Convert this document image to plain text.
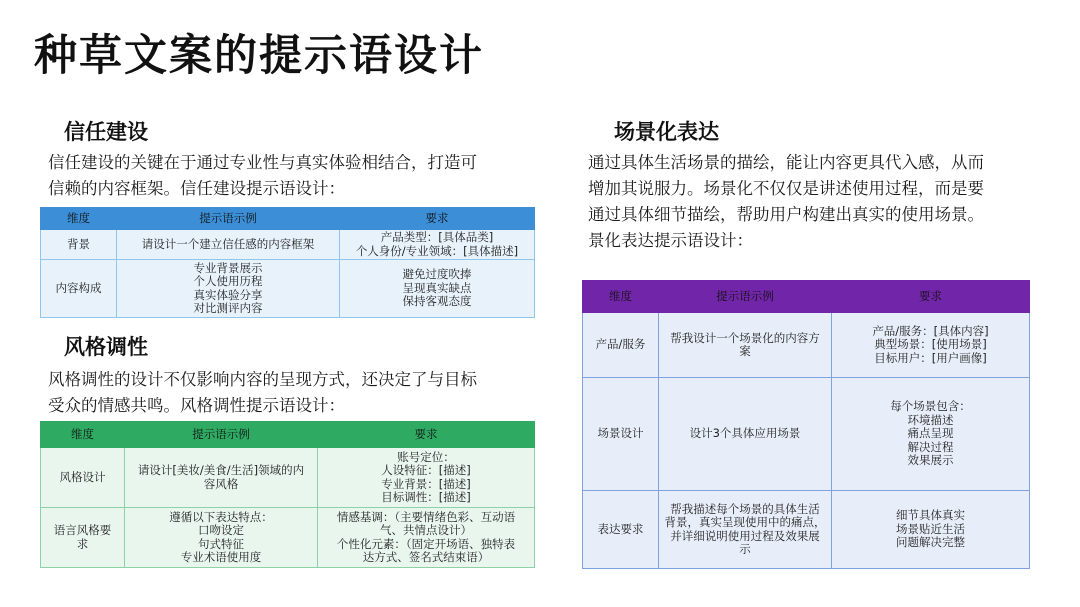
种草文案的提示语设计
信任建设

信任建设的关键在于通过专业性与真实体验相结合，打造可
信赖的内容框架。信任建设提示语设计：

维度	提示语示例	要求
背景	请设计一个建立信任感的内容框架	产品类型：[具体品类]
个人身份/专业领域：[具体描述]
内容构成	专业背景展示
个人使用历程
真实体验分享
对比测评内容	避免过度吹捧
呈现真实缺点
保持客观态度
风格调性

风格调性的设计不仅影响内容的呈现方式，还决定了与目标
受众的情感共鸣。风格调性提示语设计：

维度	提示语示例	要求
风格设计	请设计[美妆/美食/生活]领域的内
容风格	账号定位：
人设特征：[描述]
专业背景：[描述]
目标调性：[描述]
语言风格要
求	遵循以下表达特点：
口吻设定
句式特征
专业术语使用度	情感基调：（主要情绪色彩、互动语
气、共情点设计）
个性化元素：（固定开场语、独特表
达方式、签名式结束语）
场景化表达

通过具体生活场景的描绘，能让内容更具代入感，从而
增加其说服力。场景化不仅仅是讲述使用过程，而是要
通过具体细节描绘，帮助用户构建出真实的使用场景。
景化表达提示语设计：

维度	提示语示例	要求
产品/服务	帮我设计一个场景化的内容方
案	产品/服务：[具体内容]
典型场景：[使用场景]
目标用户：[用户画像]
场景设计	设计3个具体应用场景	每个场景包含：
环境描述
痛点呈现
解决过程
效果展示
表达要求	帮我描述每个场景的具体生活
背景，真实呈现使用中的痛点，
并详细说明使用过程及效果展
示	细节具体真实
场景贴近生活
问题解决完整
